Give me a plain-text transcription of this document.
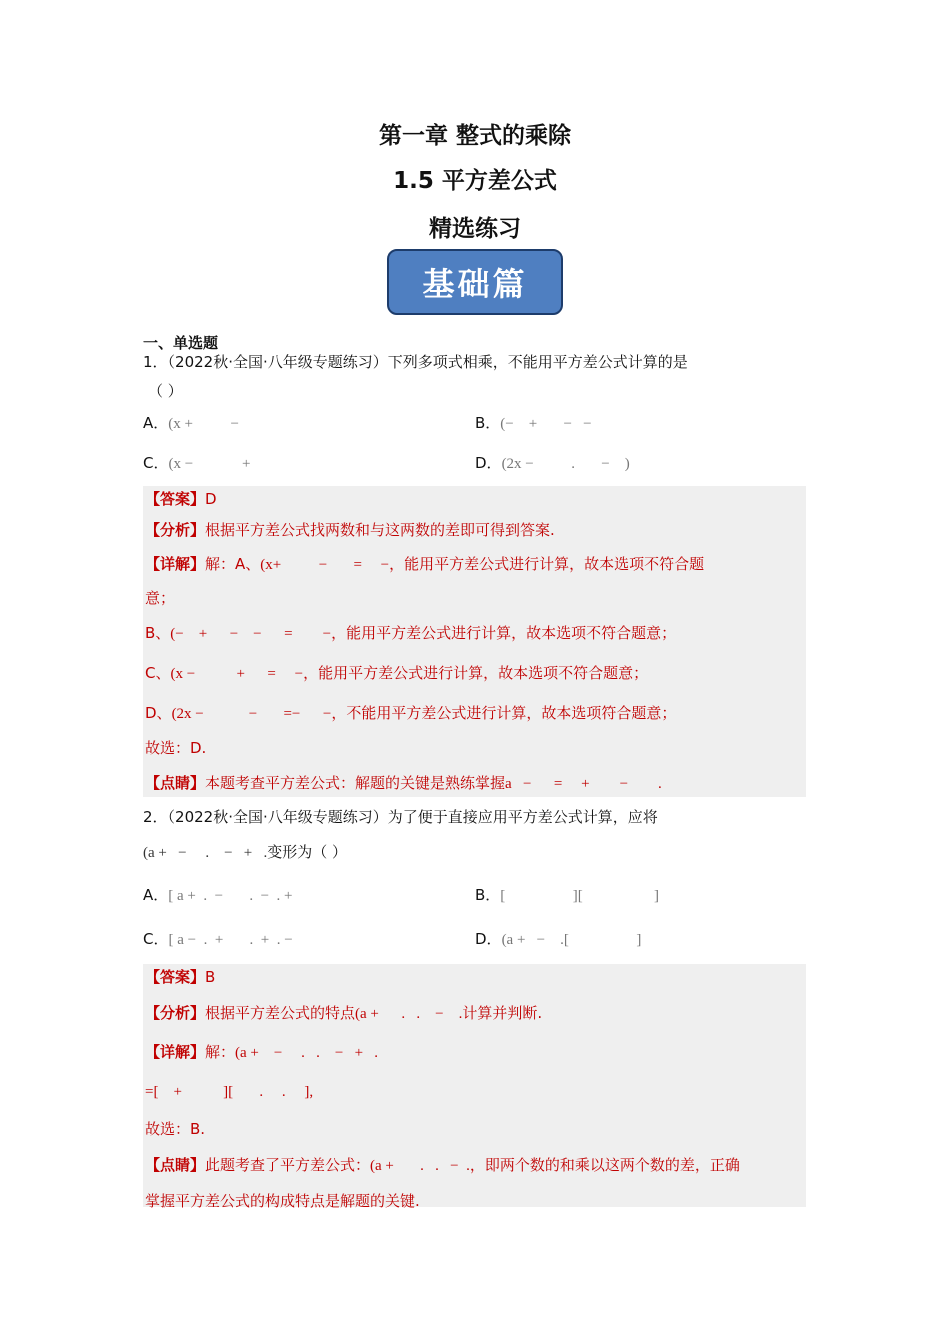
第一章 整式的乘除
1.5 平方差公式
精选练习
基础篇
一、单选题
1．（2022秋·全国·八年级专题练习）下列多项式相乘，不能用平方差公式计算的是
（ ）
A．(x +          −	B．(−    +       −   −
C．(x −             +	D．(2x −          .       −    )
【答案】D
【分析】根据平方差公式找两数和与这两数的差即可得到答案.
【详解】解：A、(x+          −       =     −，能用平方差公式进行计算，故本选项不符合题
意；
B、(−    +      −    −      =        −，能用平方差公式进行计算，故本选项不符合题意；
C、(x −           +      =     −，能用平方差公式进行计算，故本选项不符合题意；
D、(2x −            −       =−      −，不能用平方差公式进行计算，故本选项符合题意；
故选：D.
【点睛】本题考查平方差公式：解题的关键是熟练掌握a   −      =     +        −        .
2．（2022秋·全国·八年级专题练习）为了便于直接应用平方差公式计算，应将
(a +   −     .    −   +   .变形为（ ）
A．[ a +  .  −       .  −  . +	B．[                  ][                   ]
C．[ a −  .  +       .  +  . −	D．(a +   −    .[                  ]
【答案】B
【分析】根据平方差公式的特点(a +      .   .    −    .计算并判断.
【详解】解：(a +    −     .   .    −   +   .
=[    +           ][       .     .     ],
故选：B.
【点睛】此题考查了平方差公式：(a +       .   .   −  .，即两个数的和乘以这两个数的差，正确
掌握平方差公式的构成特点是解题的关键.
